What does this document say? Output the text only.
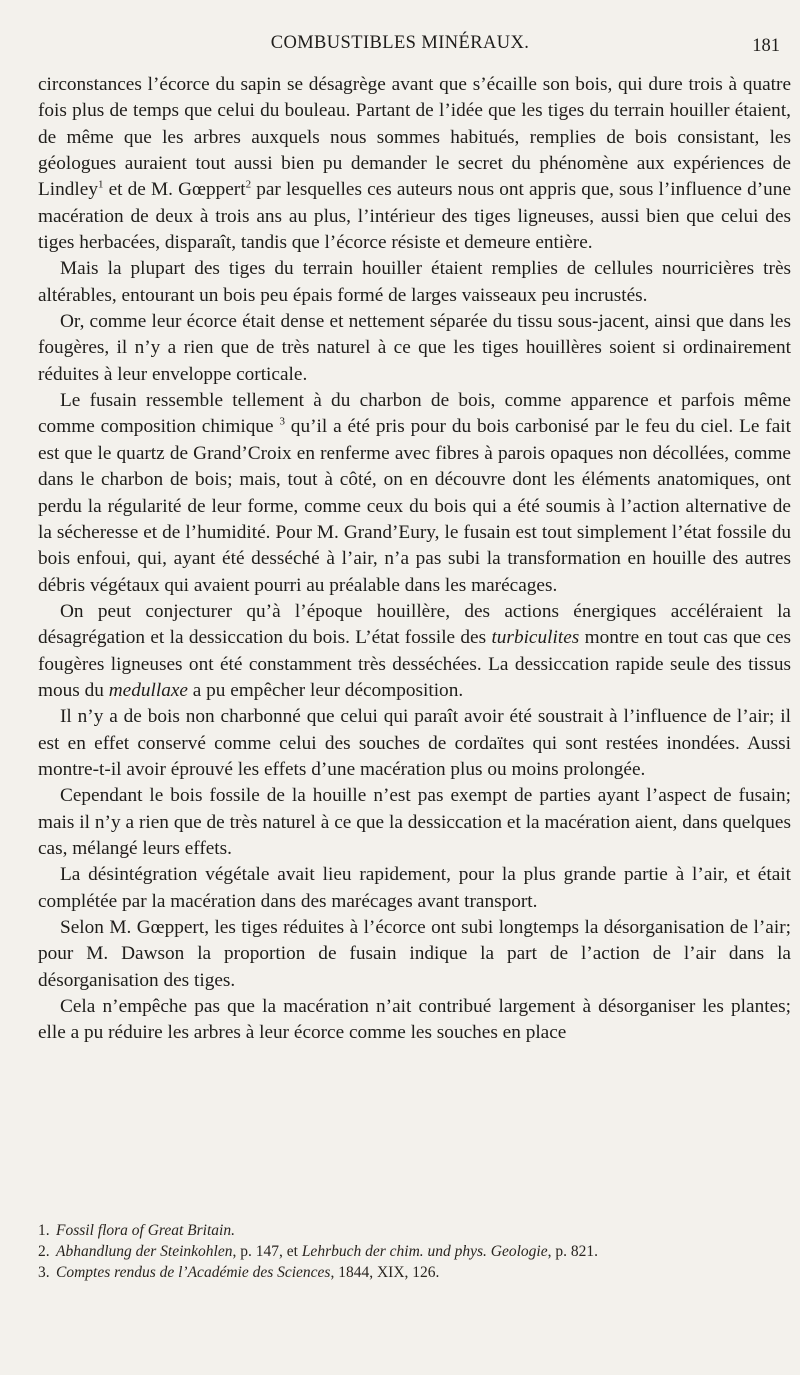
COMBUSTIBLES MINÉRAUX.	181

circonstances l’écorce du sapin se désagrège avant que s’écaille son bois, qui dure trois à quatre fois plus de temps que celui du bouleau. Partant de l’idée que les tiges du terrain houiller étaient, de même que les arbres auxquels nous sommes habitués, remplies de bois consistant, les géologues auraient tout aussi bien pu demander le secret du phénomène aux expériences de Lindley$^1$ et de M. Gœppert$^2$ par lesquelles ces auteurs nous ont appris que, sous l’influence d’une macération de deux à trois ans au plus, l’intérieur des tiges ligneuses, aussi bien que celui des tiges herbacées, disparaît, tandis que l’écorce résiste et demeure entière.

Mais la plupart des tiges du terrain houiller étaient remplies de cellules nourricières très altérables, entourant un bois peu épais formé de larges vaisseaux peu incrustés.

Or, comme leur écorce était dense et nettement séparée du tissu sous-jacent, ainsi que dans les fougères, il n’y a rien que de très naturel à ce que les tiges houillères soient si ordinairement réduites à leur enveloppe corticale.

Le fusain ressemble tellement à du charbon de bois, comme apparence et parfois même comme composition chimique $^3$ qu’il a été pris pour du bois carbonisé par le feu du ciel. Le fait est que le quartz de Grand’Croix en renferme avec fibres à parois opaques non décollées, comme dans le charbon de bois; mais, tout à côté, on en découvre dont les éléments anatomiques, ont perdu la régularité de leur forme, comme ceux du bois qui a été soumis à l’action alternative de la sécheresse et de l’humidité. Pour M. Grand’Eury, le fusain est tout simplement l’état fossile du bois enfoui, qui, ayant été desséché à l’air, n’a pas subi la transformation en houille des autres débris végétaux qui avaient pourri au préalable dans les marécages.

On peut conjecturer qu’à l’époque houillère, des actions énergiques accéléraient la désagrégation et la dessiccation du bois. L’état fossile des turbiculites montre en tout cas que ces fougères ligneuses ont été constamment très desséchées. La dessiccation rapide seule des tissus mous du medullaxe a pu empêcher leur décomposition.

Il n’y a de bois non charbonné que celui qui paraît avoir été soustrait à l’influence de l’air; il est en effet conservé comme celui des souches de cordaïtes qui sont restées inondées. Aussi montre-t-il avoir éprouvé les effets d’une macération plus ou moins prolongée.

Cependant le bois fossile de la houille n’est pas exempt de parties ayant l’aspect de fusain; mais il n’y a rien que de très naturel à ce que la dessiccation et la macération aient, dans quelques cas, mélangé leurs effets.

La désintégration végétale avait lieu rapidement, pour la plus grande partie à l’air, et était complétée par la macération dans des marécages avant transport.

Selon M. Gœppert, les tiges réduites à l’écorce ont subi longtemps la désorganisation de l’air; pour M. Dawson la proportion de fusain indique la part de l’action de l’air dans la désorganisation des tiges.

Cela n’empêche pas que la macération n’ait contribué largement à désorganiser les plantes; elle a pu réduire les arbres à leur écorce comme les souches en place

1. Fossil flora of Great Britain.
2. Abhandlung der Steinkohlen, p. 147, et Lehrbuch der chim. und phys. Geologie, p. 821.
3. Comptes rendus de l’Académie des Sciences, 1844, XIX, 126.
